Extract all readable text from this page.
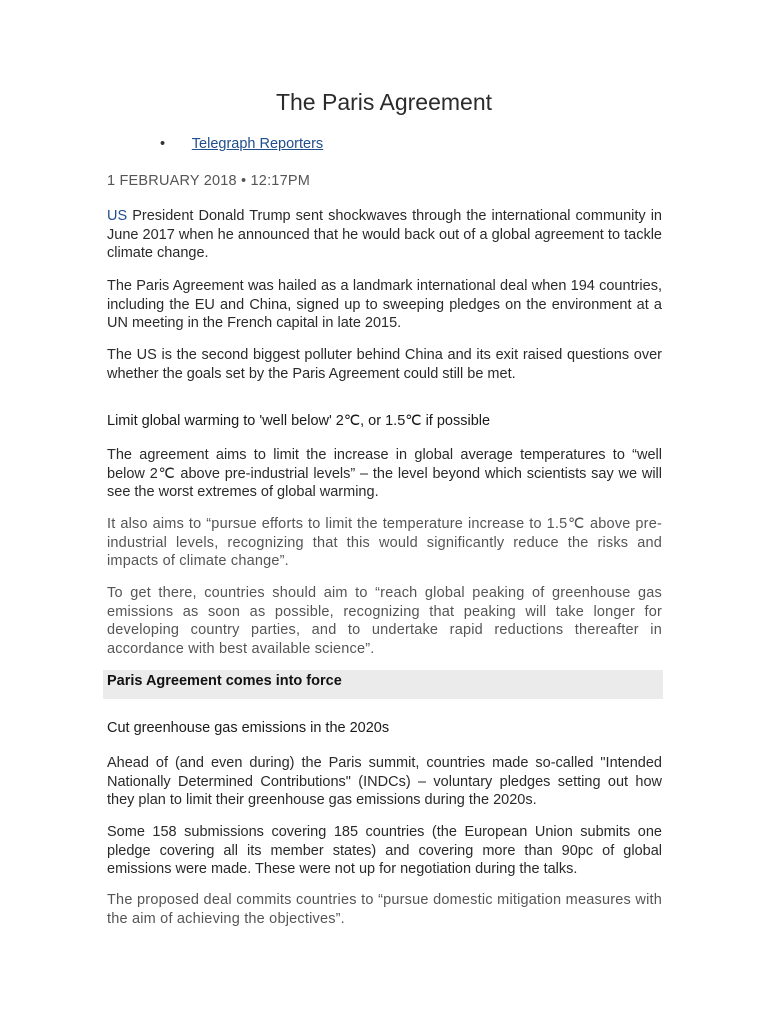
The Paris Agreement
• Telegraph Reporters
1 FEBRUARY 2018 • 12:17PM

US President Donald Trump sent shockwaves through the international community in June 2017 when he announced that he would back out of a global agreement to tackle climate change.

The Paris Agreement was hailed as a landmark international deal when 194 countries, including the EU and China, signed up to sweeping pledges on the environment at a UN meeting in the French capital in late 2015.

The US is the second biggest polluter behind China and its exit raised questions over whether the goals set by the Paris Agreement could still be met.

Limit global warming to 'well below' 2℃, or 1.5℃ if possible

The agreement aims to limit the increase in global average temperatures to “well below 2℃ above pre-industrial levels” – the level beyond which scientists say we will see the worst extremes of global warming.

It also aims to “pursue efforts to limit the temperature increase to 1.5℃ above pre-industrial levels, recognizing that this would significantly reduce the risks and impacts of climate change”.

To get there, countries should aim to “reach global peaking of greenhouse gas emissions as soon as possible, recognizing that peaking will take longer for developing country parties, and to undertake rapid reductions thereafter in accordance with best available science”.

Paris Agreement comes into force
Cut greenhouse gas emissions in the 2020s

Ahead of (and even during) the Paris summit, countries made so-called "Intended Nationally Determined Contributions" (INDCs) – voluntary pledges setting out how they plan to limit their greenhouse gas emissions during the 2020s.

Some 158 submissions covering 185 countries (the European Union submits one pledge covering all its member states) and covering more than 90pc of global emissions were made. These were not up for negotiation during the talks.

The proposed deal commits countries to “pursue domestic mitigation measures with the aim of achieving the objectives”.
